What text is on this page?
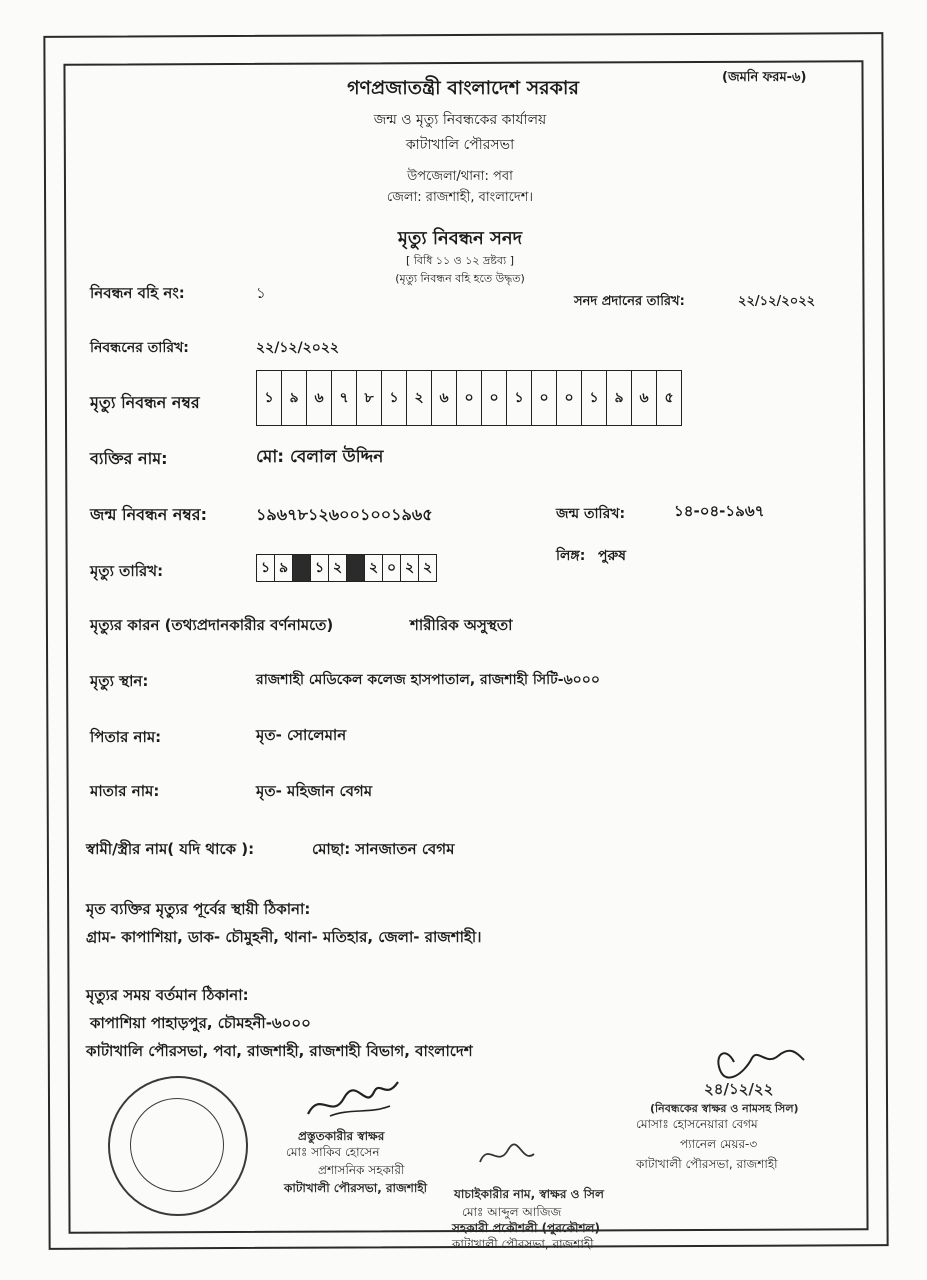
গণপ্রজাতন্ত্রী বাংলাদেশ সরকার	(জমনি ফরম-৬)
জন্ম ও মৃত্যু নিবন্ধকের কার্যালয়
কাটাখালি পৌরসভা
উপজেলা/থানা: পবা
জেলা: রাজশাহী, বাংলাদেশ।
মৃত্যু নিবন্ধন সনদ
[ বিধি ১১ ও ১২ দ্রষ্টব্য ]
(মৃত্যু নিবন্ধন বহি হতে উদ্ধৃত)
নিবন্ধন বহি নং:	১	সনদ প্রদানের তারিখ:	২২/১২/২০২২
নিবন্ধনের তারিখ:	২২/১২/২০২২
মৃত্যু নিবন্ধন নম্বর	১	৯	৬	৭	৮	১	২	৬	০	০	১	০	০	১	৯	৬	৫
ব্যক্তির নাম:	মো: বেলাল উদ্দিন
জন্ম নিবন্ধন নম্বর:	১৯৬৭৮১২৬০০১০০১৯৬৫	জন্ম তারিখ:	১৪-০৪-১৯৬৭
লিঙ্গ: পুরুষ
মৃত্যু তারিখ:	১ ৯	১ ২	২ ০ ২ ২
মৃত্যুর কারন (তথ্যপ্রদানকারীর বর্ণনামতে)	শারীরিক অসুস্থতা
মৃত্যু স্থান:	রাজশাহী মেডিকেল কলেজ হাসপাতাল, রাজশাহী সিটি-৬০০০
পিতার নাম:	মৃত- সোলেমান
মাতার নাম:	মৃত- মহিজান বেগম
স্বামী/স্ত্রীর নাম( যদি থাকে ):	মোছা: সানজাতন বেগম
মৃত ব্যক্তির মৃত্যুর পূর্বের স্থায়ী ঠিকানা:
গ্রাম- কাপাশিয়া, ডাক- চৌমুহনী, থানা- মতিহার, জেলা- রাজশাহী।
মৃত্যুর সময় বর্তমান ঠিকানা:
কাপাশিয়া পাহাড়পুর, চৌমহনী-৬০০০
কাটাখালি পৌরসভা, পবা, রাজশাহী, রাজশাহী বিভাগ, বাংলাদেশ
প্রস্তুতকারীর স্বাক্ষর
মোঃ সাকিব হোসেন
প্রশাসনিক সহকারী
কাটাখালী পৌরসভা, রাজশাহী যাচাইকারীর নাম, স্বাক্ষর ও সিল
মোঃ আব্দুল আজিজ
সহকারী প্রকৌশলী (পুরকৌশল)
কাটাখালী পৌরসভা, রাজশাহী
২৪/১২/২২
(নিবন্ধকের স্বাক্ষর ও নামসহ সিল)
মোসাঃ হোসনেয়ারা বেগম
প্যানেল মেয়র-৩
কাটাখালী পৌরসভা, রাজশাহী
